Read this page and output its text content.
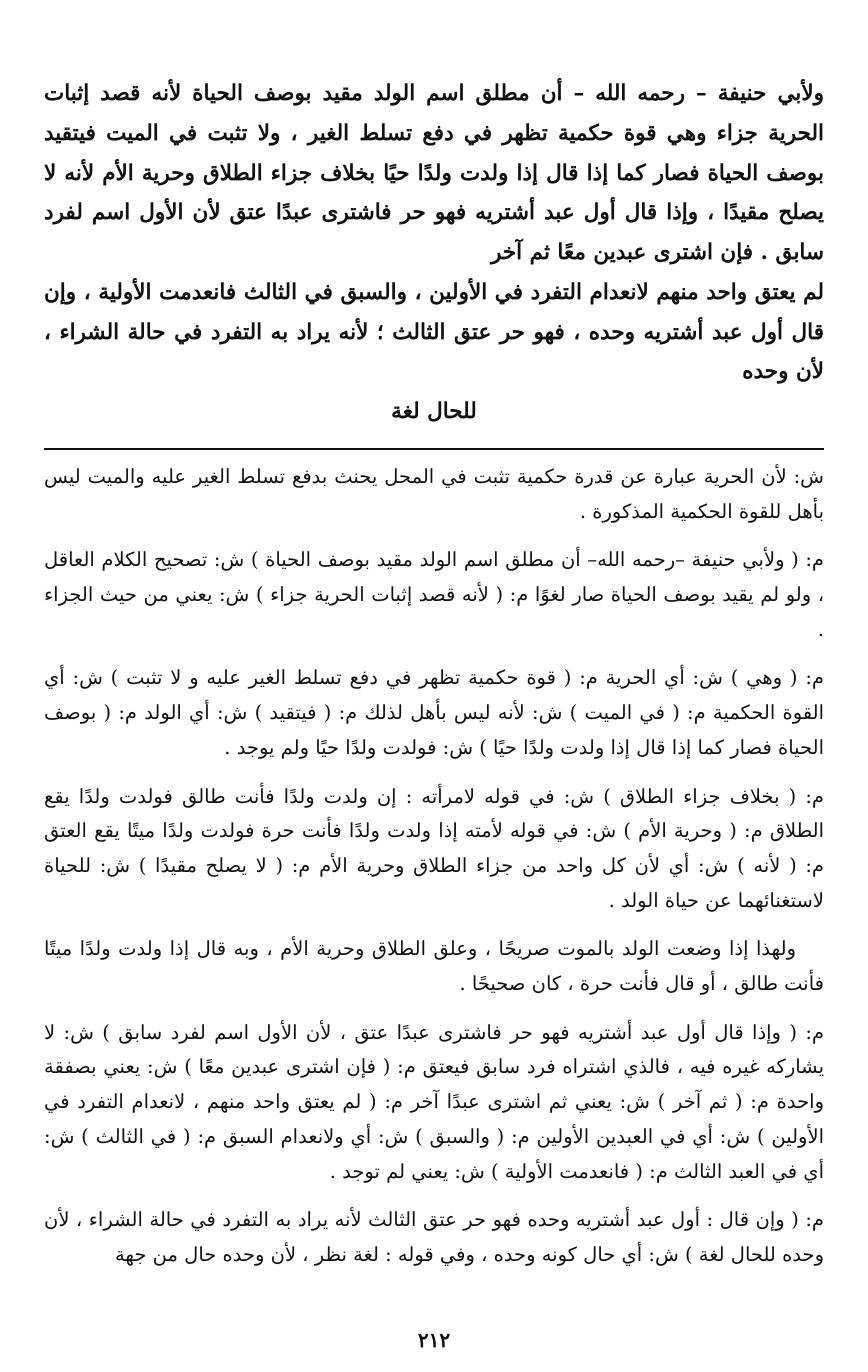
ولأبي حنيفة – رحمه الله – أن مطلق اسم الولد مقيد بوصف الحياة لأنه قصد إثبات الحرية جزاء وهي قوة حكمية تظهر في دفع تسلط الغير ، ولا تثبت في الميت فيتقيد بوصف الحياة فصار كما إذا قال إذا ولدت ولدًا حيًا بخلاف جزاء الطلاق وحرية الأم لأنه لا يصلح مقيدًا ، وإذا قال أول عبد أشتريه فهو حر فاشترى عبدًا عتق لأن الأول اسم لفرد سابق . فإن اشترى عبدين معًا ثم آخر

لم يعتق واحد منهم لانعدام التفرد في الأولين ، والسبق في الثالث فانعدمت الأولية ، وإن قال أول عبد أشتريه وحده ، فهو حر عتق الثالث ؛ لأنه يراد به التفرد في حالة الشراء ، لأن وحده

للحال لغة

ش: لأن الحرية عبارة عن قدرة حكمية تثبت في المحل يحنث بدفع تسلط الغير عليه والميت ليس بأهل للقوة الحكمية المذكورة .

م: ( ولأبي حنيفة –رحمه الله– أن مطلق اسم الولد مقيد بوصف الحياة ) ش: تصحيح الكلام العاقل ، ولو لم يقيد بوصف الحياة صار لغوًا م: ( لأنه قصد إثبات الحرية جزاء ) ش: يعني من حيث الجزاء .

م: ( وهي ) ش: أي الحرية م: ( قوة حكمية تظهر في دفع تسلط الغير عليه و لا تثبت ) ش: أي القوة الحكمية م: ( في الميت ) ش: لأنه ليس بأهل لذلك م: ( فيتقيد ) ش: أي الولد م: ( بوصف الحياة فصار كما إذا قال إذا ولدت ولدًا حيًا ) ش: فولدت ولدًا حيًا ولم يوجد .

م: ( بخلاف جزاء الطلاق ) ش: في قوله لامرأته : إن ولدت ولدًا فأنت طالق فولدت ولدًا يقع الطلاق م: ( وحرية الأم ) ش: في قوله لأمته إذا ولدت ولدًا فأنت حرة فولدت ولدًا ميتًا يقع العتق م: ( لأنه ) ش: أي لأن كل واحد من جزاء الطلاق وحرية الأم م: ( لا يصلح مقيدًا ) ش: للحياة لاستغنائهما عن حياة الولد .

ولهذا إذا وضعت الولد بالموت صريحًا ، وعلق الطلاق وحرية الأم ، وبه قال إذا ولدت ولدًا ميتًا فأنت طالق ، أو قال فأنت حرة ، كان صحيحًا .

م: ( وإذا قال أول عبد أشتريه فهو حر فاشترى عبدًا عتق ، لأن الأول اسم لفرد سابق ) ش: لا يشاركه غيره فيه ، فالذي اشتراه فرد سابق فيعتق م: ( فإن اشترى عبدين معًا ) ش: يعني بصفقة واحدة م: ( ثم آخر ) ش: يعني ثم اشترى عبدًا آخر م: ( لم يعتق واحد منهم ، لانعدام التفرد في الأولين ) ش: أي في العبدين الأولين م: ( والسبق ) ش: أي ولانعدام السبق م: ( في الثالث ) ش: أي في العبد الثالث م: ( فانعدمت الأولية ) ش: يعني لم توجد .

م: ( وإن قال : أول عبد أشتريه وحده فهو حر عتق الثالث لأنه يراد به التفرد في حالة الشراء ، لأن وحده للحال لغة ) ش: أي حال كونه وحده ، وفي قوله : لغة نظر ، لأن وحده حال من جهة

٢١٢
